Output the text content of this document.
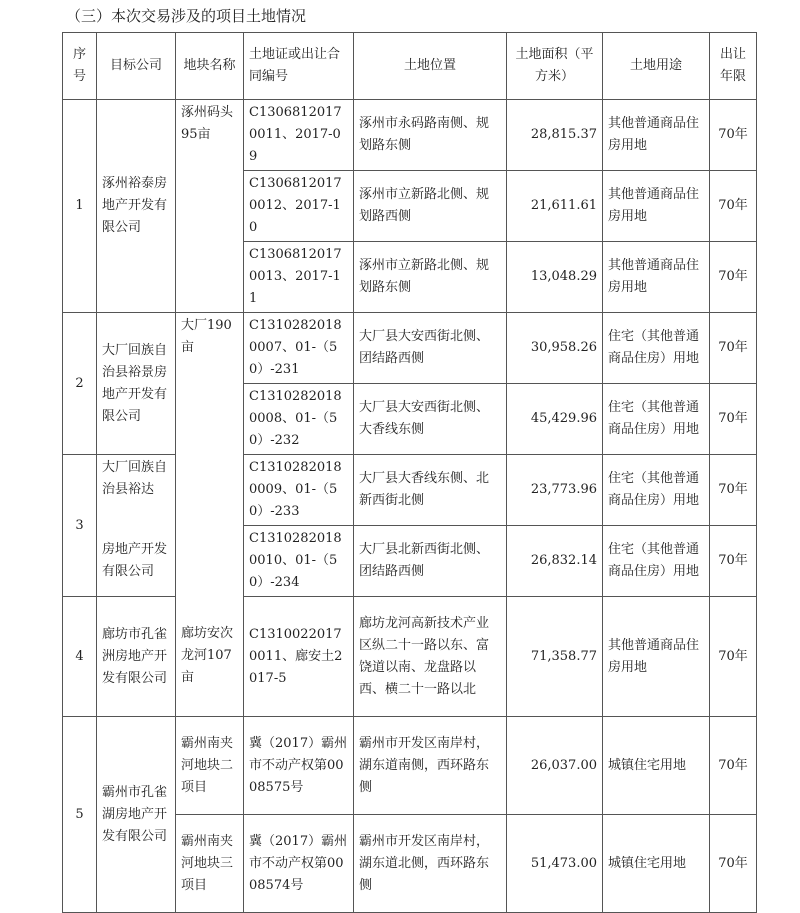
（三）本次交易涉及的项目土地情况
序号	目标公司	地块名称	土地证或出让合同编号	土地位置	土地面积（平方米）	土地用途	出让年限
1	涿州裕泰房地产开发有限公司	涿州码头95亩	C13068120170011、2017-09	涿州市永码路南侧、规划路东侧	28,815.37	其他普通商品住房用地	70年
			C13068120170012、2017-10	涿州市立新路北侧、规划路西侧	21,611.61	其他普通商品住房用地	70年
			C13068120170013、2017-11	涿州市立新路北侧、规划路东侧	13,048.29	其他普通商品住房用地	70年
2	大厂回族自治县裕景房地产开发有限公司	大厂190亩	C13102820180007、01-（50）-231	大厂县大安西街北侧、团结路西侧	30,958.26	住宅（其他普通商品住房）用地	70年
			C13102820180008、01-（50）-232	大厂县大安西街北侧、大香线东侧	45,429.96	住宅（其他普通商品住房）用地	70年
3	大厂回族自治县裕达		C13102820180009、01-（50）-233	大厂县大香线东侧、北新西街北侧	23,773.96	住宅（其他普通商品住房）用地	70年
	房地产开发有限公司		C13102820180010、01-（50）-234	大厂县北新西街北侧、团结路西侧	26,832.14	住宅（其他普通商品住房）用地	70年
4	廊坊市孔雀洲房地产开发有限公司	廊坊安次龙河107亩	C13100220170011、廊安土2017-5	廊坊龙河高新技术产业区纵二十一路以东、富饶道以南、龙盘路以西、横二十一路以北	71,358.77	其他普通商品住房用地	70年
5	霸州市孔雀湖房地产开发有限公司	霸州南夹河地块二项目	冀（2017）霸州市不动产权第0008575号	霸州市开发区南岸村，湖东道南侧，西环路东侧	26,037.00	城镇住宅用地	70年
		霸州南夹河地块三项目	冀（2017）霸州市不动产权第0008574号	霸州市开发区南岸村，湖东道北侧，西环路东侧	51,473.00	城镇住宅用地	70年
